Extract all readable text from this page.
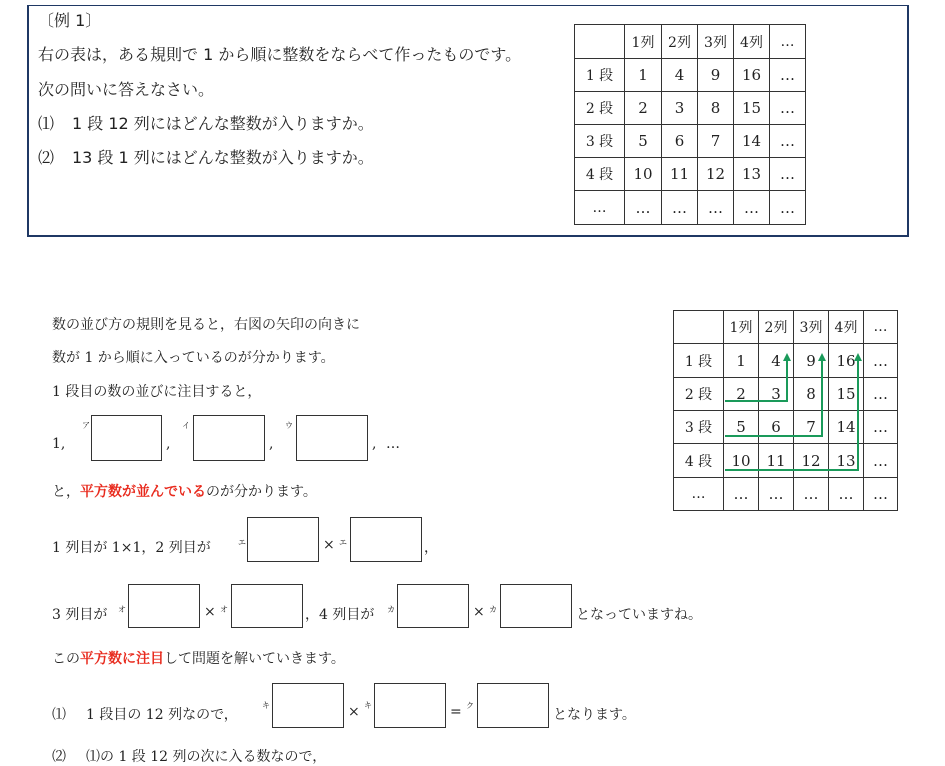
〔例 1〕
右の表は，ある規則で 1 から順に整数をならべて作ったものです。
次の問いに答えなさい。
⑴ 1 段 12 列にはどんな整数が入りますか。
⑵ 13 段 1 列にはどんな整数が入りますか。
	1列	2列	3列	4列	…
1 段	1	4	9	16	…
2 段	2	3	8	15	…
3 段	5	6	7	14	…
4 段	10	11	12	13	…
…	…	…	…	…	…
数の並び方の規則を見ると，右図の矢印の向きに
数が 1 から順に入っているのが分かります。
1 段目の数の並びに注目すると，
1,
ア
,
イ
,
ウ
, …
と，平方数が並んでいるのが分かります。
1 列目が 1×1，2 列目が	エ	× エ	，
3 列目が オ	× オ	，4 列目が カ	× カ	となっていますね。
この平方数に注目して問題を解いていきます。
⑴ 1 段目の 12 列なので，
キ	× キ	= ク
となります。
⑵ ⑴の 1 段 12 列の次に入る数なので，
	1列	2列	3列	4列	…
1 段	1	4	9	16	…
2 段	2	3	8	15	…
3 段	5	6	7	14	…
4 段	10	11	12	13	…
…	…	…	…	…	…
